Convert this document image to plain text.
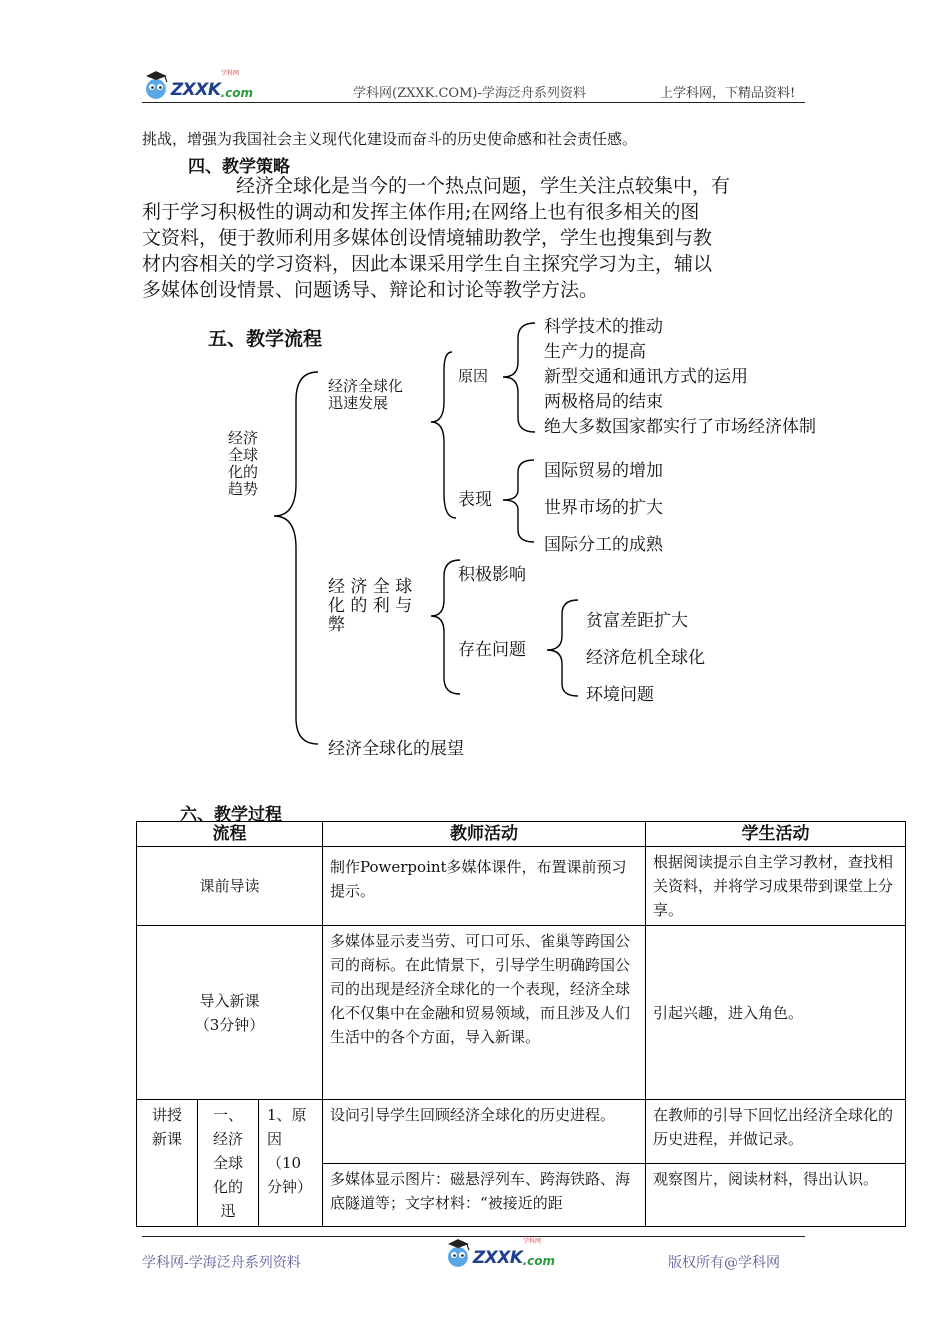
ZXXK .com
学科网
学科网(ZXXK.COM)-学海泛舟系列资料	上学科网，下精品资料!
挑战，增强为我国社会主义现代化建设而奋斗的历史使命感和社会责任感。
四、教学策略
经济全球化是当今的一个热点问题，学生关注点较集中，有
利于学习积极性的调动和发挥主体作用;在网络上也有很多相关的图
文资料，便于教师利用多媒体创设情境辅助教学，学生也搜集到与教
材内容相关的学习资料，因此本课采用学生自主探究学习为主，辅以
多媒体创设情景、问题诱导、辩论和讨论等教学方法。
五、教学流程
经济
全球
化的
趋势
经济全球化
迅速发展
原因
科学技术的推动
生产力的提高
新型交通和通讯方式的运用
两极格局的结束
绝大多数国家都实行了市场经济体制
表现
国际贸易的增加
世界市场的扩大
国际分工的成熟
经 济 全 球
化 的 利 与
弊
积极影响
存在问题
贫富差距扩大
经济危机全球化
环境问题
经济全球化的展望
六、教学过程
流程			教师活动	学生活动
课前导读			制作Powerpoint多媒体课件，布置课前预习提示。	根据阅读提示自主学习教材，查找相关资料，并将学习成果带到课堂上分享。

导入新课
（3分钟）			多媒体显示麦当劳、可口可乐、雀巢等跨国公司的商标。在此情景下，引导学生明确跨国公司的出现是经济全球化的一个表现，经济全球化不仅集中在金融和贸易领域，而且涉及人们生活中的各个方面，导入新课。	引起兴趣，进入角色。
讲授新课	一、经济全球化的迅	1、原因（10分钟）	设问引导学生回顾经济全球化的历史进程。	在教师的引导下回忆出经济全球化的历史进程，并做记录。
			多媒体显示图片：磁悬浮列车、跨海铁路、海底隧道等；文字材料：“被接近的距	观察图片，阅读材料，得出认识。
学科网-学海泛舟系列资料	ZXXK .com
学科网
版权所有@学科网
